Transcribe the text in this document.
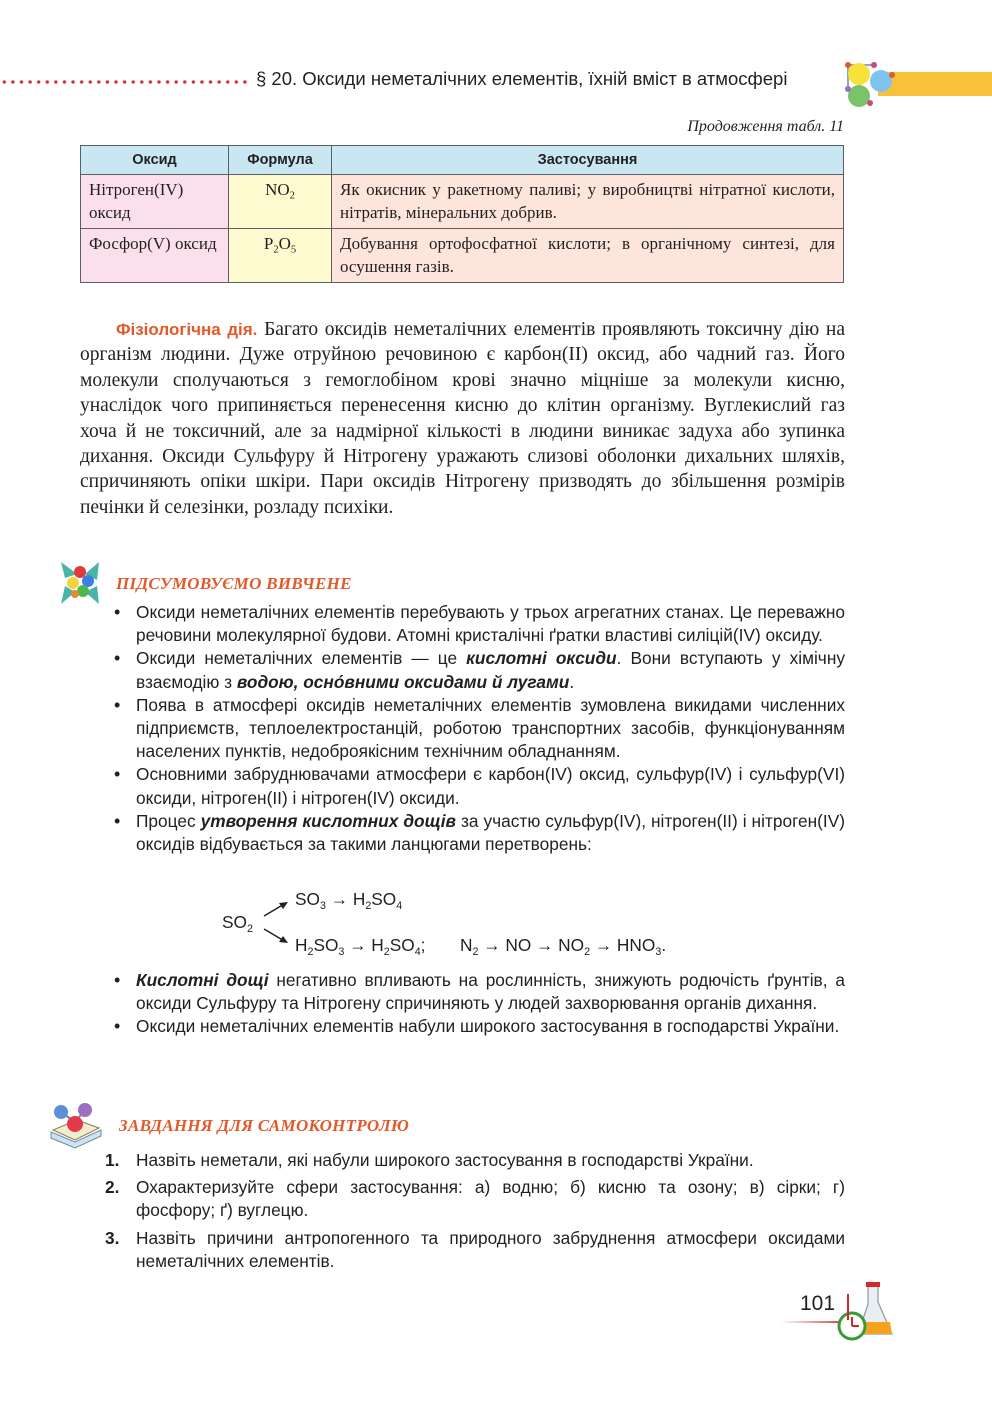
§ 20. Оксиди неметалічних елементів, їхній вміст в атмосфері
Продовження табл. 11
Оксид	Формула	Застосування
Нітроген(IV) оксид	$NO_2$	Як окисник у ракетному паливі; у виробництві нітратної кислоти, нітратів, мінеральних добрив.
Фосфор(V) оксид	$P_2O_5$	Добування ортофосфатної кислоти; в органічному синтезі, для осушення газів.

Фізіологічна дія. Багато оксидів неметалічних елементів проявляють токсичну дію на організм людини. Дуже отруйною речовиною є карбон(II) оксид, або чадний газ. Його молекули сполучаються з гемоглобіном крові значно міцніше за молекули кисню, унаслідок чого припиняється перенесення кисню до клітин організму. Вуглекислий газ хоча й не токсичний, але за надмірної кількості в людини виникає задуха або зупинка дихання. Оксиди Сульфуру й Нітрогену уражають слизові оболонки дихальних шляхів, спричиняють опіки шкіри. Пари оксидів Нітрогену призводять до збільшення розмірів печінки й селезінки, розладу психіки.

ПІДСУМОВУЄМО ВИВЧЕНЕ
• Оксиди неметалічних елементів перебувають у трьох агрегатних станах. Це переважно речовини молекулярної будови. Атомні кристалічні ґратки властиві силіцій(IV) оксиду.
• Оксиди неметалічних елементів — це кислотні оксиди. Вони вступають у хімічну взаємодію з водою, осно́вними оксидами й лугами.
• Поява в атмосфері оксидів неметалічних елементів зумовлена викидами численних підприємств, теплоелектростанцій, роботою транспортних засобів, функціонуванням населених пунктів, недоброякісним технічним обладнанням.
• Основними забруднювачами атмосфери є карбон(IV) оксид, сульфур(IV) і сульфур(VI) оксиди, нітроген(II) і нітроген(IV) оксиди.
• Процес утворення кислотних дощів за участю сульфур(IV), нітроген(II) і нітроген(IV) оксидів відбувається за такими ланцюгами перетворень:
$SO_2$
$SO_3 \to H_2SO_4$
$H_2SO_3 \to H_2SO_4$; $N_2$ → NO → $NO_2 \to HNO_3$.
• Кислотні дощі негативно впливають на рослинність, знижують родючість ґрунтів, а оксиди Сульфуру та Нітрогену спричиняють у людей захворювання органів дихання.
• Оксиди неметалічних елементів набули широкого застосування в господарстві України.
ЗАВДАННЯ ДЛЯ САМОКОНТРОЛЮ
1. Назвіть неметали, які набули широкого застосування в господарстві України.
2. Охарактеризуйте сфери застосування: а) водню; б) кисню та озону; в) сірки; г) фосфору; ґ) вуглецю.
3. Назвіть причини антропогенного та природного забруднення атмосфери оксидами неметалічних елементів.
101
